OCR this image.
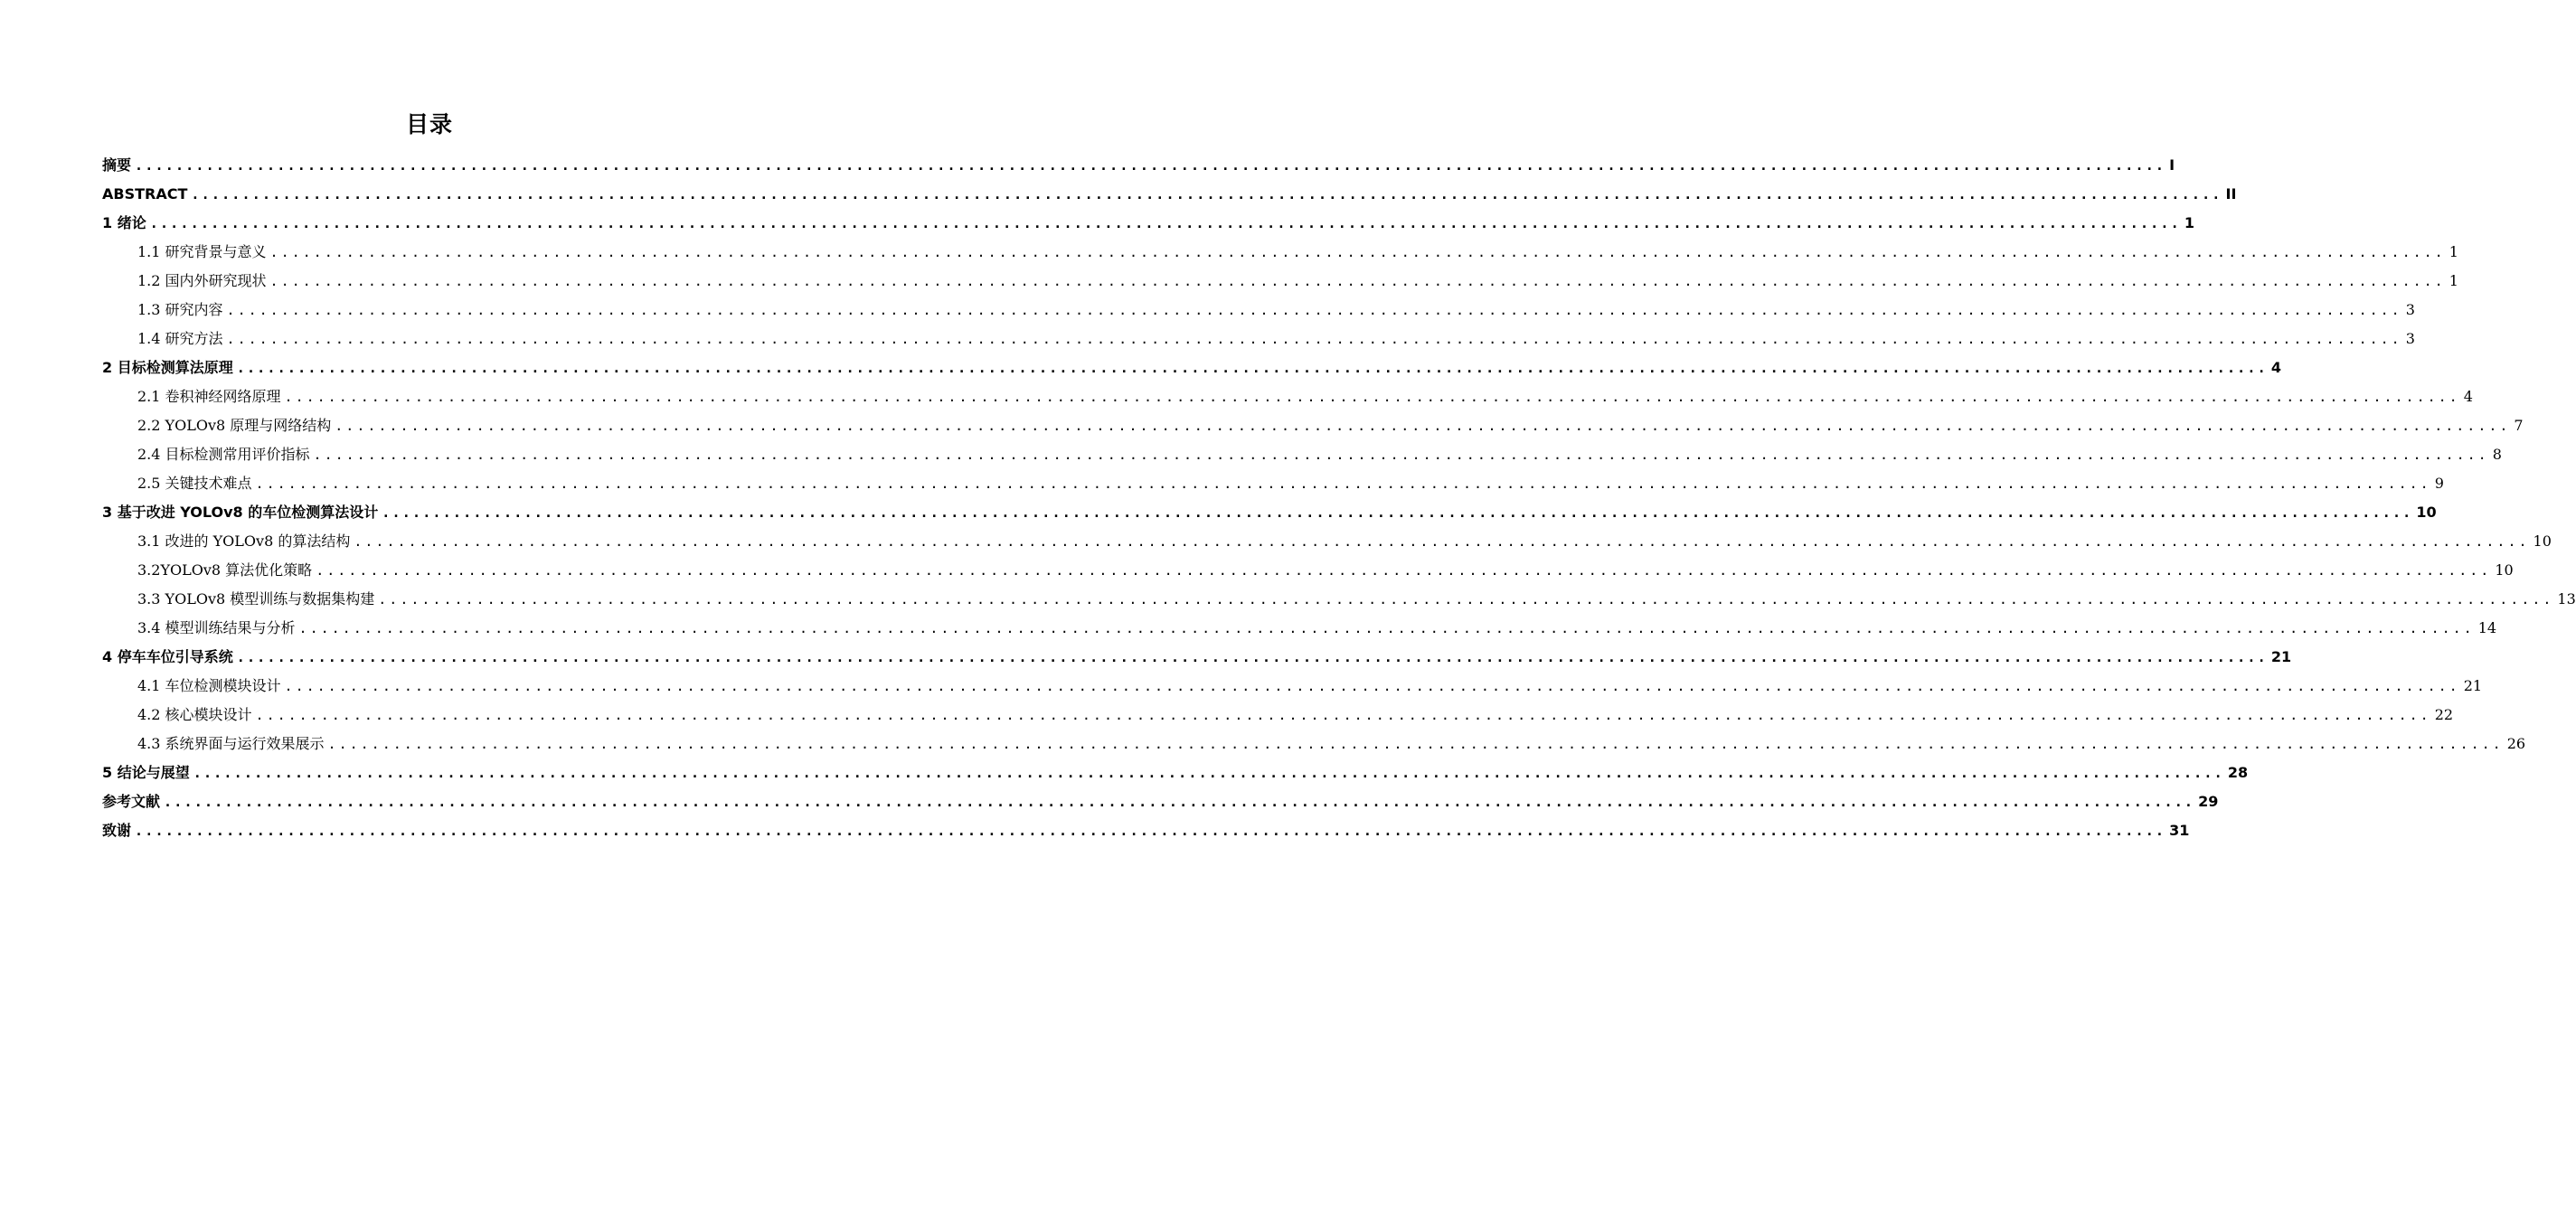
目录
摘要 ........................................................................................................................................................................................................ I
ABSTRACT ........................................................................................................................................................................................................ II
1 绪论 ........................................................................................................................................................................................................ 1
1.1 研究背景与意义 ........................................................................................................................................................................................................ 1
1.2 国内外研究现状 ........................................................................................................................................................................................................ 1
1.3 研究内容 ........................................................................................................................................................................................................ 3
1.4 研究方法 ........................................................................................................................................................................................................ 3
2 目标检测算法原理 ........................................................................................................................................................................................................ 4
2.1 卷积神经网络原理 ........................................................................................................................................................................................................ 4
2.2 YOLOv8 原理与网络结构 ........................................................................................................................................................................................................ 7
2.4 目标检测常用评价指标 ........................................................................................................................................................................................................ 8
2.5 关键技术难点 ........................................................................................................................................................................................................ 9
3 基于改进 YOLOv8 的车位检测算法设计 ........................................................................................................................................................................................................ 10
3.1 改进的 YOLOv8 的算法结构 ........................................................................................................................................................................................................ 10
3.2YOLOv8 算法优化策略 ........................................................................................................................................................................................................ 10
3.3 YOLOv8 模型训练与数据集构建 ........................................................................................................................................................................................................ 13
3.4 模型训练结果与分析 ........................................................................................................................................................................................................ 14
4 停车车位引导系统 ........................................................................................................................................................................................................ 21
4.1 车位检测模块设计 ........................................................................................................................................................................................................ 21
4.2 核心模块设计 ........................................................................................................................................................................................................ 22
4.3 系统界面与运行效果展示 ........................................................................................................................................................................................................ 26
5 结论与展望 ........................................................................................................................................................................................................ 28
参考文献 ........................................................................................................................................................................................................ 29
致谢 ........................................................................................................................................................................................................ 31
